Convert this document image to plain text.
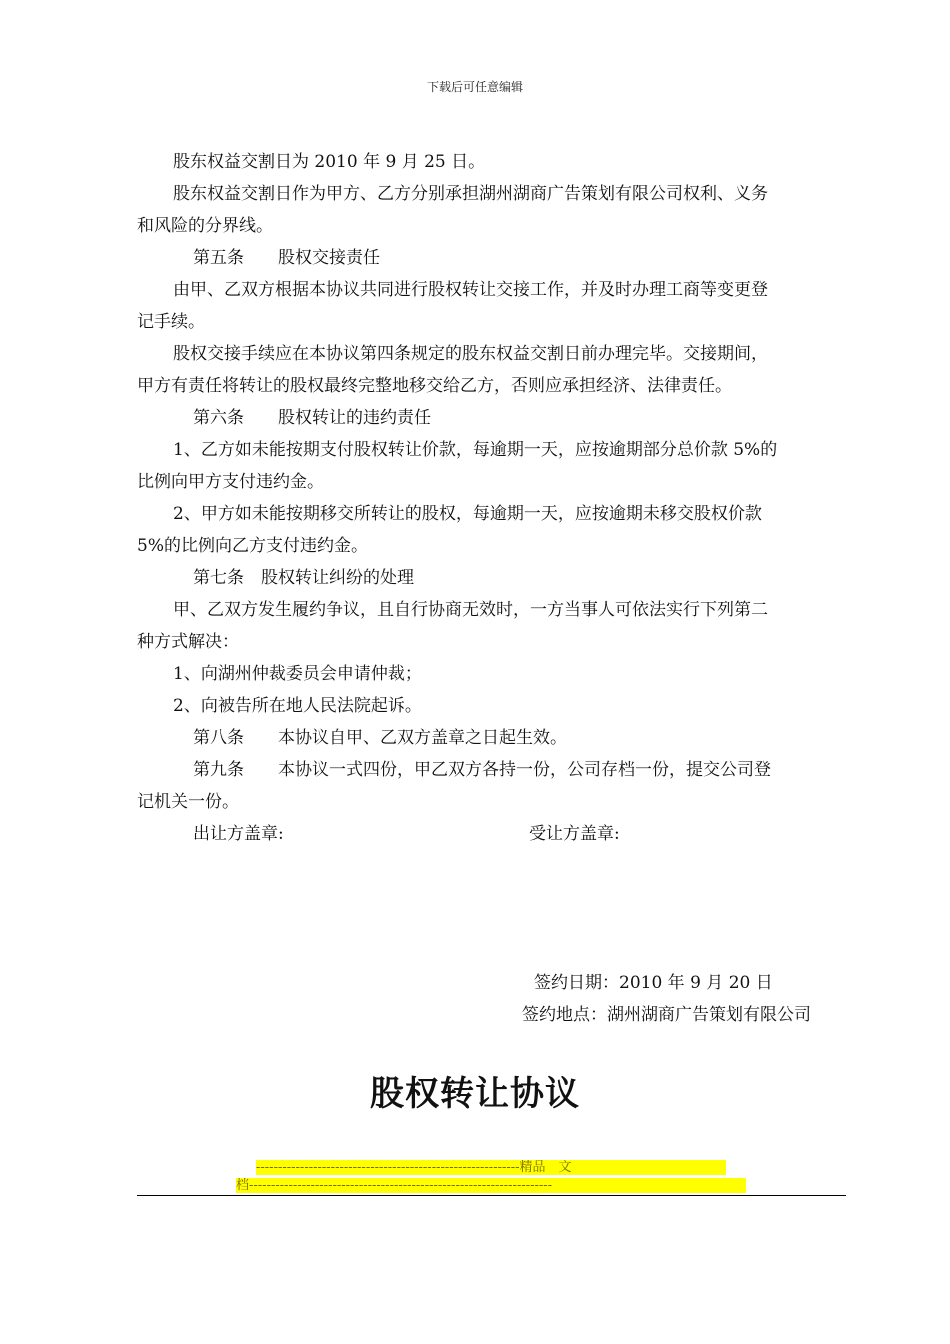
下载后可任意编辑
股东权益交割日为 2010 年 9 月 25 日。
股东权益交割日作为甲方、乙方分别承担湖州湖商广告策划有限公司权利、义务
和风险的分界线。
第五条　　股权交接责任
由甲、乙双方根据本协议共同进行股权转让交接工作，并及时办理工商等变更登
记手续。
股权交接手续应在本协议第四条规定的股东权益交割日前办理完毕。交接期间，
甲方有责任将转让的股权最终完整地移交给乙方，否则应承担经济、法律责任。
第六条　　股权转让的违约责任
1、乙方如未能按期支付股权转让价款，每逾期一天，应按逾期部分总价款 5%的
比例向甲方支付违约金。
2、甲方如未能按期移交所转让的股权，每逾期一天，应按逾期未移交股权价款
5%的比例向乙方支付违约金。
第七条　股权转让纠纷的处理
甲、乙双方发生履约争议，且自行协商无效时，一方当事人可依法实行下列第二
种方式解决：
1、向湖州仲裁委员会申请仲裁；
2、向被告所在地人民法院起诉。
第八条　　本协议自甲、乙双方盖章之日起生效。
第九条　　本协议一式四份，甲乙双方各持一份，公司存档一份，提交公司登
记机关一份。
出让方盖章:	受让方盖章:
签约日期：2010 年 9 月 20 日
签约地点：湖州湖商广告策划有限公司
股权转让协议
------------------------------------------------------------精品　文
档---------------------------------------------------------------------
